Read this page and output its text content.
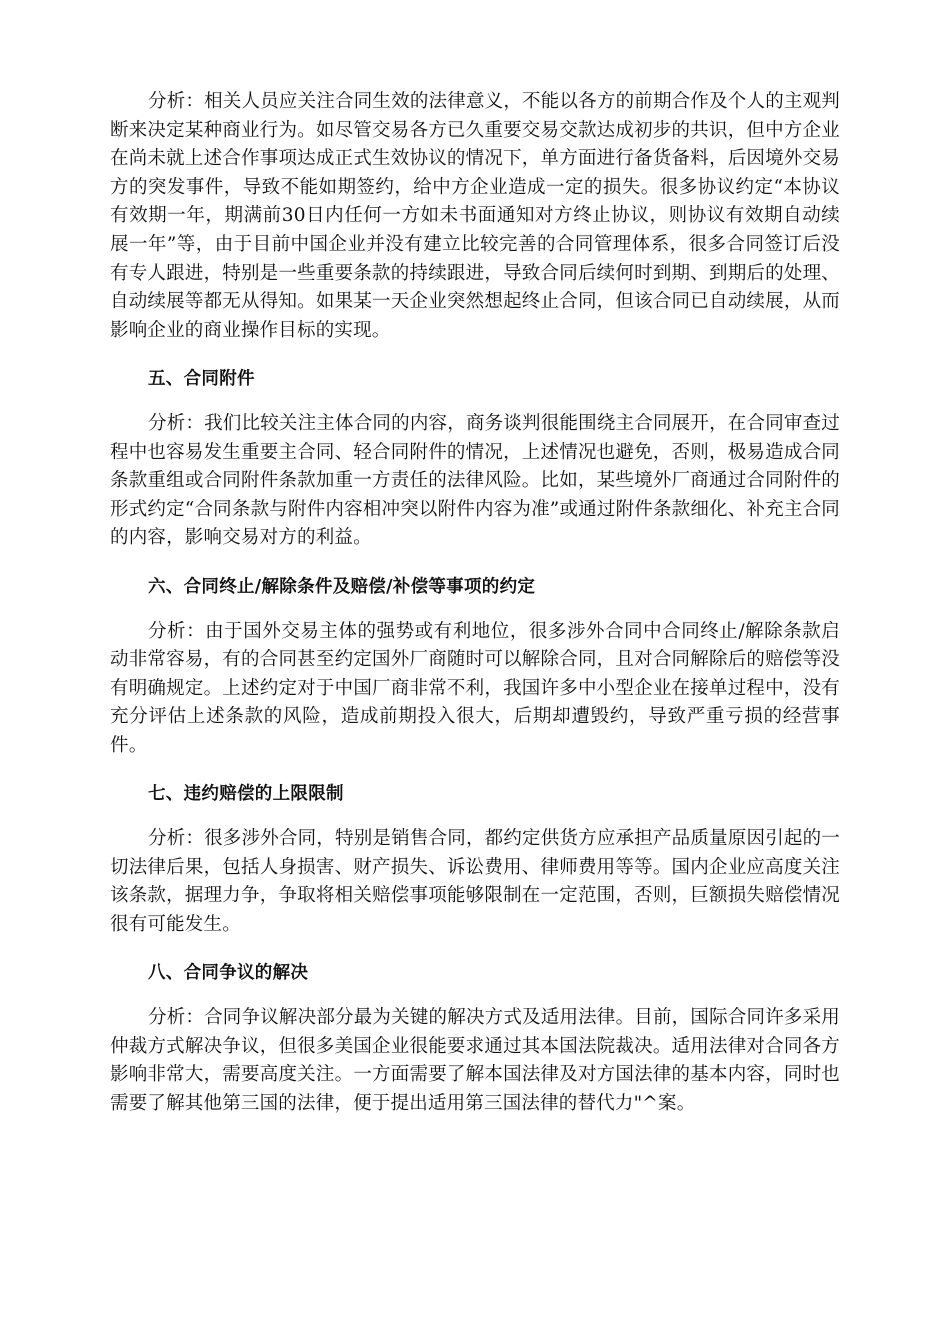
分析：相关人员应关注合同生效的法律意义，不能以各方的前期合作及个人的主观判断来决定某种商业行为。如尽管交易各方已久重要交易交款达成初步的共识，但中方企业在尚未就上述合作事项达成正式生效协议的情况下，单方面进行备货备料，后因境外交易方的突发事件，导致不能如期签约，给中方企业造成一定的损失。很多协议约定“本协议有效期一年，期满前30日内任何一方如未书面通知对方终止协议，则协议有效期自动续展一年”等，由于目前中国企业并没有建立比较完善的合同管理体系，很多合同签订后没有专人跟进，特别是一些重要条款的持续跟进，导致合同后续何时到期、到期后的处理、自动续展等都无从得知。如果某一天企业突然想起终止合同，但该合同已自动续展，从而影响企业的商业操作目标的实现。

五、合同附件

分析：我们比较关注主体合同的内容，商务谈判很能围绕主合同展开，在合同审查过程中也容易发生重要主合同、轻合同附件的情况，上述情况也避免，否则，极易造成合同条款重组或合同附件条款加重一方责任的法律风险。比如，某些境外厂商通过合同附件的形式约定“合同条款与附件内容相冲突以附件内容为准”或通过附件条款细化、补充主合同的内容，影响交易对方的利益。

六、合同终止/解除条件及赔偿/补偿等事项的约定

分析：由于国外交易主体的强势或有利地位，很多涉外合同中合同终止/解除条款启动非常容易，有的合同甚至约定国外厂商随时可以解除合同，且对合同解除后的赔偿等没有明确规定。上述约定对于中国厂商非常不利，我国许多中小型企业在接单过程中，没有充分评估上述条款的风险，造成前期投入很大，后期却遭毁约，导致严重亏损的经营事件。

七、违约赔偿的上限限制

分析：很多涉外合同，特别是销售合同，都约定供货方应承担产品质量原因引起的一切法律后果，包括人身损害、财产损失、诉讼费用、律师费用等等。国内企业应高度关注该条款，据理力争，争取将相关赔偿事项能够限制在一定范围，否则，巨额损失赔偿情况很有可能发生。

八、合同争议的解决

分析：合同争议解决部分最为关键的解决方式及适用法律。目前，国际合同许多采用仲裁方式解决争议，但很多美国企业很能要求通过其本国法院裁决。适用法律对合同各方影响非常大，需要高度关注。一方面需要了解本国法律及对方国法律的基本内容，同时也需要了解其他第三国的法律，便于提出适用第三国法律的替代力"^案。
